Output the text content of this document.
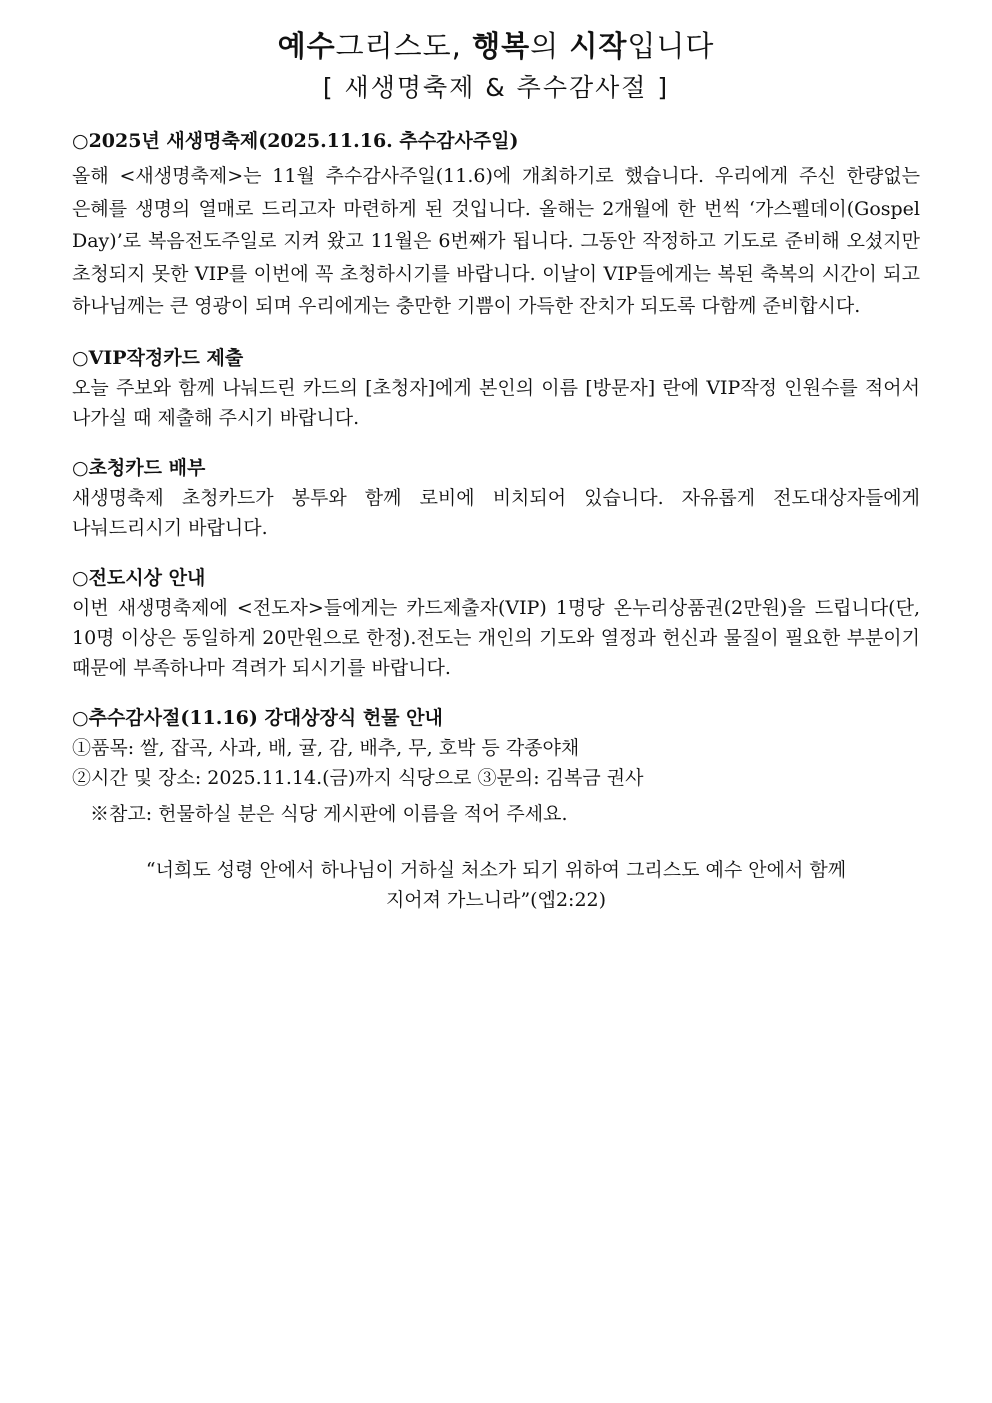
예수그리스도, 행복의 시작입니다

[ 새생명축제 & 추수감사절 ]

○2025년 새생명축제(2025.11.16. 추수감사주일)

올해 <새생명축제>는 11월 추수감사주일(11.6)에 개최하기로 했습니다. 우리에게 주신 한량없는 은혜를 생명의 열매로 드리고자 마련하게 된 것입니다. 올해는 2개월에 한 번씩 ‘가스펠데이(Gospel Day)’로 복음전도주일로 지켜 왔고 11월은 6번째가 됩니다. 그동안 작정하고 기도로 준비해 오셨지만 초청되지 못한 VIP를 이번에 꼭 초청하시기를 바랍니다. 이날이 VIP들에게는 복된 축복의 시간이 되고 하나님께는 큰 영광이 되며 우리에게는 충만한 기쁨이 가득한 잔치가 되도록 다함께 준비합시다.

○VIP작정카드 제출

오늘 주보와 함께 나눠드린 카드의 [초청자]에게 본인의 이름 [방문자] 란에 VIP작정 인원수를 적어서 나가실 때 제출해 주시기 바랍니다.

○초청카드 배부

새생명축제 초청카드가 봉투와 함께 로비에 비치되어 있습니다. 자유롭게 전도대상자들에게 나눠드리시기 바랍니다.

○전도시상 안내

이번 새생명축제에 <전도자>들에게는 카드제출자(VIP) 1명당 온누리상품권(2만원)을 드립니다(단, 10명 이상은 동일하게 20만원으로 한정).전도는 개인의 기도와 열정과 헌신과 물질이 필요한 부분이기 때문에 부족하나마 격려가 되시기를 바랍니다.

○추수감사절(11.16) 강대상장식 헌물 안내

①품목: 쌀, 잡곡, 사과, 배, 귤, 감, 배추, 무, 호박 등 각종야채

②시간 및 장소: 2025.11.14.(금)까지 식당으로 ③문의: 김복금 권사

※참고: 헌물하실 분은 식당 게시판에 이름을 적어 주세요.

“너희도 성령 안에서 하나님이 거하실 처소가 되기 위하여 그리스도 예수 안에서 함께

지어져 가느니라”(엡2:22)
